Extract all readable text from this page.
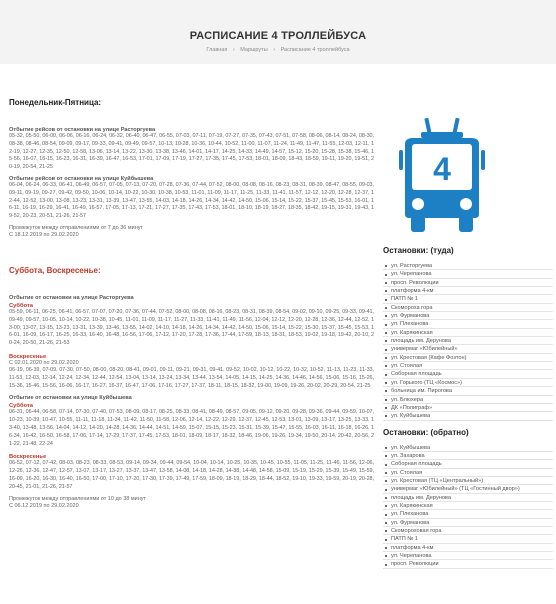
РАСПИСАНИЕ 4 ТРОЛЛЕЙБУСА
Главная › Маршруты › Расписание 4 троллейбуса
Понедельник-Пятница:
Отбытие рейсов от остановки на улице Расторгуева
05-32, 05-50, 06-00, 06-06, 06-16, 06-24, 06-32, 06-40, 06-47, 06-55, 07-03, 07-11, 07-19, 07-27, 07-35, 07-43, 07-51, 07-58, 08-06, 08-14, 08-24, 08-30, 08-38, 08-46, 08-54, 09-09, 09-17, 09-33, 09-41, 09-49, 09-57, 10-13, 10-28, 10-36, 10-44, 10-52, 11-00, 11-07, 11-24, 11-49, 11-47, 11-55, 12-03, 12-11, 12-19, 12-27, 12-35, 12-50, 12-58, 13-06, 13-14, 13-22, 13-30, 13-38, 13-46, 14-01, 14-17, 14-25, 14-33, 14-49, 14-57, 15-12, 15-20, 15-28, 15-38, 15-46, 15-56, 16-07, 16-15, 16-23, 16-31, 16-39, 16-47, 16-53, 17-01, 17-09, 17-19, 17-27, 17-35, 17-45, 17-53, 18-01, 18-09, 18-43, 18-59, 19-11, 19-20, 19-51, 20-19, 20-54, 21-25
Отбытие рейсов от остановки на улице Куйбышева
06-04, 06-24, 06-33, 06-41, 06-49, 06-57, 07-05, 07-13, 07-20, 07-28, 07-36, 07-44, 07-52, 08-00, 08-08, 08-16, 08-23, 08-31, 08-39, 08-47, 08-55, 09-03, 09-11, 09-19, 09-27, 09-42, 09-50, 10-06, 10-14, 10-22, 10-30, 10-38, 10-53, 11-01, 11-09, 11-17, 11-25, 11-33, 11-41, 11-57, 12-12, 12-20, 12-28, 12-37, 12-44, 12-52, 13-00, 13-08, 13-23, 13-31, 13-39, 13-47, 13-55, 14-03, 14-18, 14-26, 14-34, 14-42, 14-50, 15-06, 15-14, 15-22, 15-37, 15-45, 15-53, 16-01, 16-11, 16-19, 16-29, 16-41, 16-49, 16-57, 17-05, 17-13, 17-21, 17-27, 17-35, 17-43, 17-53, 18-01, 18-10, 18-19, 18-27, 18-35, 18-42, 19-15, 19-31, 19-43, 19-52, 20-23, 20-51, 21-26, 21-57
Промежуток между отправлениями от 7 до 36 минут
С 18.12.2019 по 29.02.2020
Суббота, Воскресенье:
Отбытие от остановки на улице Расторгуева
Суббота
05-59, 06-11, 06-25, 06-41, 06-57, 07-07, 07-20, 07-36, 07-44, 07-52, 08-00, 08-08, 08-16, 08-23, 08-31, 08-39, 08-54, 09-02, 09-10, 09-25, 09-33, 09-41, 09-49, 09-57, 10-05, 10-14, 10-22, 10-38, 10-45, 11-01, 11-09, 11-17, 11-27, 11-33, 11-41, 11-49, 11-56, 12-04, 12-12, 12-20, 12-28, 12-36, 12-44, 12-52, 13-00, 13-07, 13-15, 13-23, 13-31, 13-39, 13-46, 13-55, 14-02, 14-10, 14-18, 14-26, 14-34, 14-42, 14-50, 15-06, 15-14, 15-22, 15-30, 15-37, 15-45, 15-53, 16-01, 16-09, 16-17, 16-25, 16-33, 16-40, 16-48, 16-56, 17-06, 17-12, 17-20, 17-28, 17-36, 17-44, 17-59, 18-13, 18-31, 18-53, 19-02, 19-18, 19-42, 20-10, 20-24, 20-50, 21-26, 21-53
Воскресенье
С 02.01.2020 по 29.02.2020
06-19, 06-39, 07-09, 07-30, 07-50, 08-00, 08-20, 08-41, 09-01, 09-11, 09-21, 09-31, 09-41, 09-52, 10-02, 10-12, 10-22, 10-32, 10-52, 11-13, 11-23, 11-33, 11-53, 12-03, 12-14, 12-24, 12-34, 12-44, 12-54, 13-04, 13-14, 13-24, 13-34, 13-44, 13-54, 14-05, 14-15, 14-25, 14-36, 14-46, 14-56, 15-06, 15-16, 15-26, 15-36, 15-46, 15-56, 16-06, 16-17, 16-27, 16-37, 16-47, 17-06, 17-16, 17-27, 17-37, 18-11, 18-15, 18-32, 19-00, 19-09, 19-26, 20-02, 20-29, 20-54, 21-25
Отбытие от остановки на улице Куйбышева
Суббота
06-31, 06-44, 06-58, 07-14, 07-30, 07-40, 07-53, 08-09, 08-17, 08-25, 08-33, 08-41, 08-49, 08-57, 09-05, 09-12, 09-20, 09-28, 09-36, 09-44, 09-59, 10-07, 10-23, 10-39, 10-47, 10-55, 11-11, 11-18, 11-34, 11-42, 11-50, 11-58, 12-06, 12-14, 12-22, 12-29, 12-37, 12-45, 12-53, 13-01, 13-09, 13-17, 13-25, 13-33, 13-40, 13-48, 13-56, 14-04, 14-12, 14-20, 14-28, 14-36, 14-44, 14-51, 14-59, 15-07, 15-15, 15-23, 15-31, 15-39, 15-47, 15-55, 16-03, 16-11, 16-18, 16-26, 16-34, 16-42, 16-50, 16-58, 17-06, 17-14, 17-29, 17-37, 17-45, 17-53, 18-01, 18-09, 18-17, 18-32, 18-46, 19-06, 19-26, 19-34, 19-50, 20-14, 20-42, 20-56, 21-22, 21-48, 22-24
Воскресенье
06-52, 07-12, 07-42, 08-03, 08-23, 08-33, 08-53, 09-14, 09-34, 09-44, 09-54, 10-04, 10-14, 10-25, 10-35, 10-45, 10-55, 11-05, 11-25, 11-46, 11-56, 12-06, 12-26, 12-36, 12-47, 12-57, 13-07, 13-17, 13-27, 13-37, 13-47, 13-58, 14-08, 14-18, 14-28, 14-38, 14-48, 14-58, 15-09, 15-19, 15-29, 15-39, 15-49, 15-59, 16-09, 16-20, 16-30, 16-40, 16-50, 17-00, 17-10, 17-20, 17-30, 17-39, 17-49, 17-59, 18-09, 18-19, 18-29, 18-44, 18-52, 19-10, 19-33, 19-59, 20-19, 20-28, 20-45, 21-01, 21-26, 21-57
Промежуток между отправлениями от 10 до 38 минут
С 06.12.2019 по 29.02.2020
4
Остановки: (туда)
ул. Расторгуева
ул. Черепанова
просп. Революции
платформа 4-км
ПАТП № 1
Скомороха гора
ул. Фурманова
ул. Плеханова
ул. Карякинская
площадь им. Дерунова
универмаг «Юбилейный»
ул. Крестовая (Кафе Фозтон)
ул. Стоялая
Соборная площадь
ул. Горького (ТЦ «Космос»)
больница им. Пирогова
ул. Блюхера
ДК «Полиграф»
ул. Куйбышева
Остановки: (обратно)
ул. Куйбышева
ул. Захарова
Соборная площадь
ул. Стоялая
ул. Крестовая (ТЦ «Центральный»)
универмаг «Юбилейный» (ТЦ «Гостинный двор»)
площадь им. Дерунова
ул. Карякинская
ул. Плеханова
ул. Фурманова
Скомороховая гора
ПАТП № 1
платформа 4-км
ул. Черепанова
просп. Революции
